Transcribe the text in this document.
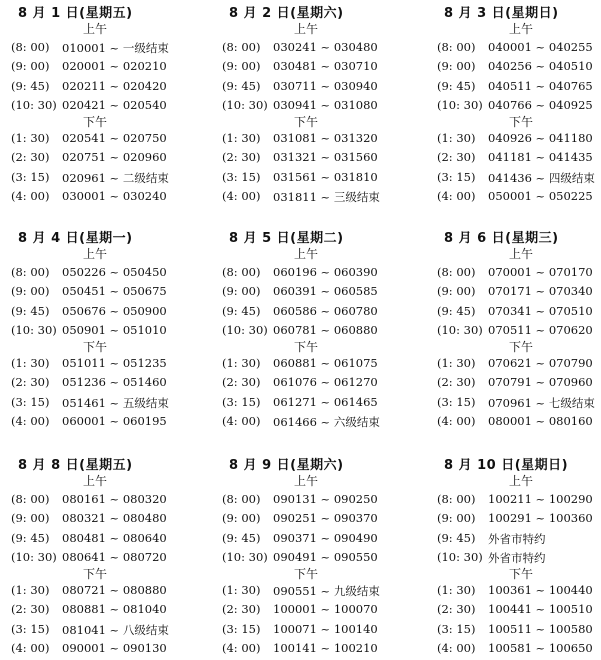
8 月 1 日(星期五)
上午
(8: 00) 010001 ~ 一级结束
(9: 00) 020001 ~ 020210
(9: 45) 020211 ~ 020420
(10: 30) 020421 ~ 020540
下午
(1: 30) 020541 ~ 020750
(2: 30) 020751 ~ 020960
(3: 15) 020961 ~ 二级结束
(4: 00) 030001 ~ 030240
8 月 2 日(星期六)
上午
(8: 00) 030241 ~ 030480
(9: 00) 030481 ~ 030710
(9: 45) 030711 ~ 030940
(10: 30) 030941 ~ 031080
下午
(1: 30) 031081 ~ 031320
(2: 30) 031321 ~ 031560
(3: 15) 031561 ~ 031810
(4: 00) 031811 ~ 三级结束
8 月 3 日(星期日)
上午
(8: 00) 040001 ~ 040255
(9: 00) 040256 ~ 040510
(9: 45) 040511 ~ 040765
(10: 30) 040766 ~ 040925
下午
(1: 30) 040926 ~ 041180
(2: 30) 041181 ~ 041435
(3: 15) 041436 ~ 四级结束
(4: 00) 050001 ~ 050225
8 月 4 日(星期一)
上午
(8: 00) 050226 ~ 050450
(9: 00) 050451 ~ 050675
(9: 45) 050676 ~ 050900
(10: 30) 050901 ~ 051010
下午
(1: 30) 051011 ~ 051235
(2: 30) 051236 ~ 051460
(3: 15) 051461 ~ 五级结束
(4: 00) 060001 ~ 060195
8 月 5 日(星期二)
上午
(8: 00) 060196 ~ 060390
(9: 00) 060391 ~ 060585
(9: 45) 060586 ~ 060780
(10: 30) 060781 ~ 060880
下午
(1: 30) 060881 ~ 061075
(2: 30) 061076 ~ 061270
(3: 15) 061271 ~ 061465
(4: 00) 061466 ~ 六级结束
8 月 6 日(星期三)
上午
(8: 00) 070001 ~ 070170
(9: 00) 070171 ~ 070340
(9: 45) 070341 ~ 070510
(10: 30) 070511 ~ 070620
下午
(1: 30) 070621 ~ 070790
(2: 30) 070791 ~ 070960
(3: 15) 070961 ~ 七级结束
(4: 00) 080001 ~ 080160
8 月 8 日(星期五)
上午
(8: 00) 080161 ~ 080320
(9: 00) 080321 ~ 080480
(9: 45) 080481 ~ 080640
(10: 30) 080641 ~ 080720
下午
(1: 30) 080721 ~ 080880
(2: 30) 080881 ~ 081040
(3: 15) 081041 ~ 八级结束
(4: 00) 090001 ~ 090130
8 月 9 日(星期六)
上午
(8: 00) 090131 ~ 090250
(9: 00) 090251 ~ 090370
(9: 45) 090371 ~ 090490
(10: 30) 090491 ~ 090550
下午
(1: 30) 090551 ~ 九级结束
(2: 30) 100001 ~ 100070
(3: 15) 100071 ~ 100140
(4: 00) 100141 ~ 100210
8 月 10 日(星期日)
上午
(8: 00) 100211 ~ 100290
(9: 00) 100291 ~ 100360
(9: 45) 外省市特约
(10: 30) 外省市特约
下午
(1: 30) 100361 ~ 100440
(2: 30) 100441 ~ 100510
(3: 15) 100511 ~ 100580
(4: 00) 100581 ~ 100650
